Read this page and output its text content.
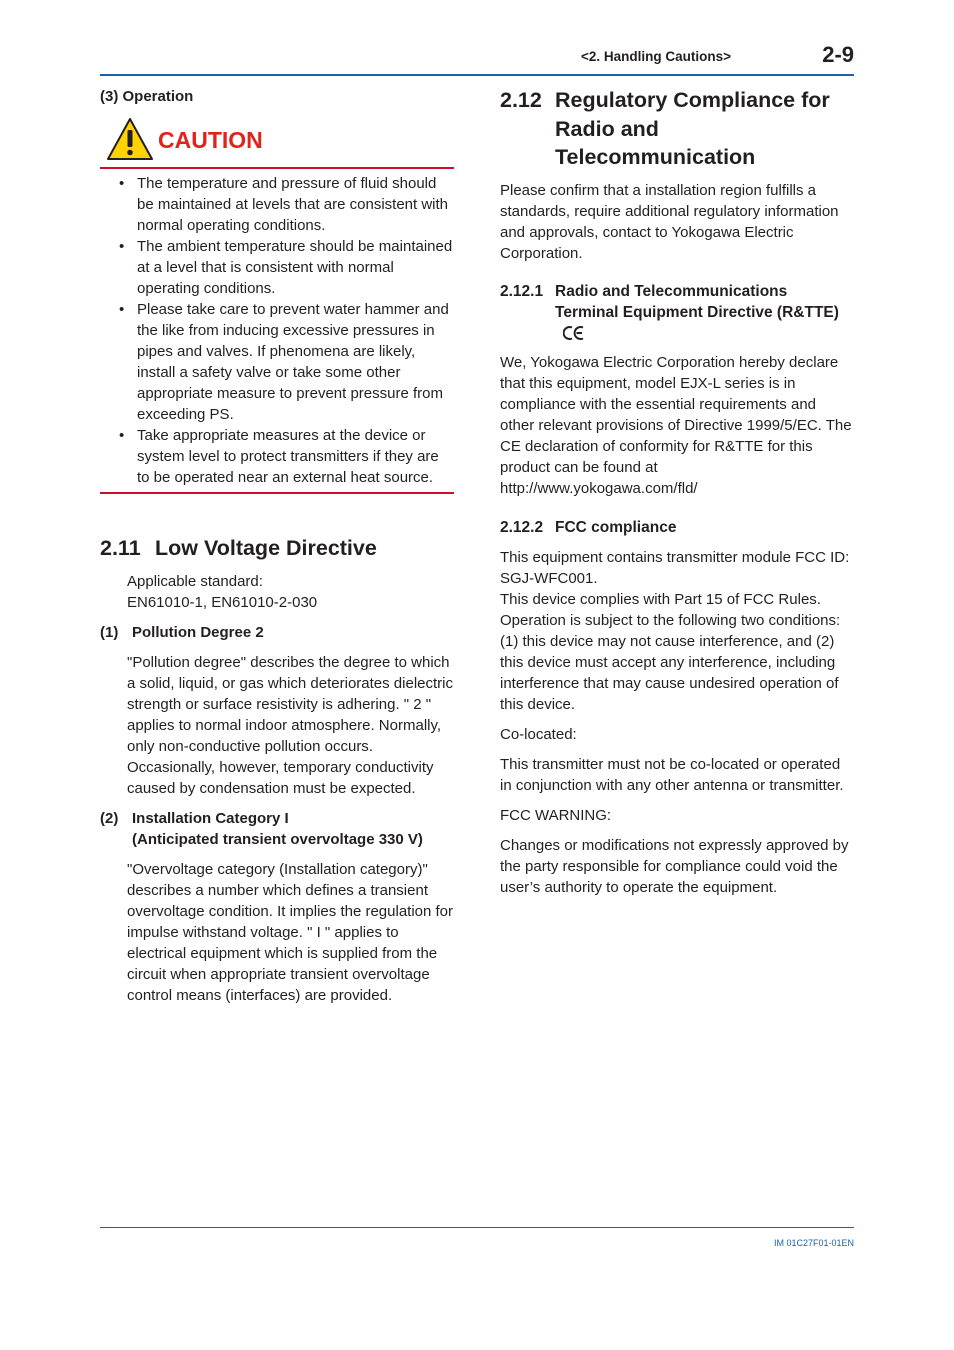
<2. Handling Cautions>	2-9
(3) Operation
CAUTION
• The temperature and pressure of fluid should be maintained at levels that are consistent with normal operating conditions.
• The ambient temperature should be maintained at a level that is consistent with normal operating conditions.
• Please take care to prevent water hammer and the like from inducing excessive pressures in pipes and valves. If phenomena are likely, install a safety valve or take some other appropriate measure to prevent pressure from exceeding PS.
• Take appropriate measures at the device or system level to protect transmitters if they are to be operated near an external heat source.
2.11 Low Voltage Directive
Applicable standard:
EN61010-1, EN61010-2-030
(1) Pollution Degree 2

"Pollution degree" describes the degree to which a solid, liquid, or gas which deteriorates dielectric strength or surface resistivity is adhering. " 2 " applies to normal indoor atmosphere. Normally, only non-conductive pollution occurs. Occasionally, however, temporary conductivity caused by condensation must be expected.

(2) Installation Category I
(Anticipated transient overvoltage 330 V)

"Overvoltage category (Installation category)" describes a number which defines a transient overvoltage condition. It implies the regulation for impulse withstand voltage. " I " applies to electrical equipment which is supplied from the circuit when appropriate transient overvoltage control means (interfaces) are provided.

2.12 Regulatory Compliance for Radio and Telecommunication

Please confirm that a installation region fulfills a standards, require additional regulatory information and approvals, contact to Yokogawa Electric Corporation.

2.12.1 Radio and Telecommunications Terminal Equipment Directive (R&TTE)

We, Yokogawa Electric Corporation hereby declare that this equipment, model EJX-L series is in compliance with the essential requirements and other relevant provisions of Directive 1999/5/EC. The CE declaration of conformity for R&TTE for this product can be found at http://www.yokogawa.com/fld/

2.12.2 FCC compliance

This equipment contains transmitter module FCC ID: SGJ-WFC001.

This device complies with Part 15 of FCC Rules. Operation is subject to the following two conditions: (1) this device may not cause interference, and (2) this device must accept any interference, including interference that may cause undesired operation of this device.

Co-located:

This transmitter must not be co-located or operated in conjunction with any other antenna or transmitter.

FCC WARNING:

Changes or modifications not expressly approved by the party responsible for compliance could void the user’s authority to operate the equipment.

IM 01C27F01-01EN
